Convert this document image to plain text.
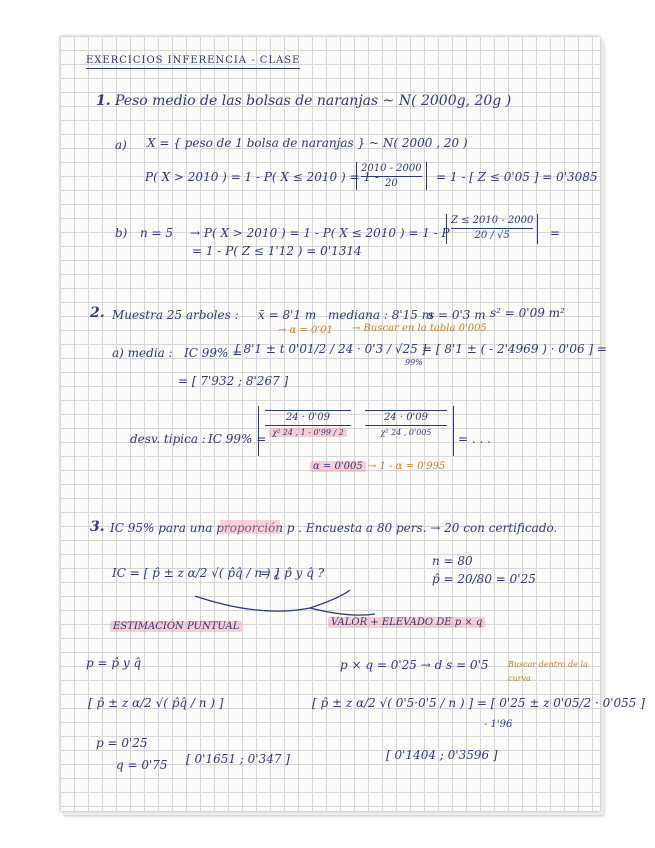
EXERCICIOS INFERENCIA - CLASE
1. Peso medio de las bolsas de naranjas ~ N( 2000g, 20g )
a) X = { peso de 1 bolsa de naranjas } ~ N( 2000 , 20 )
P( X > 2010 ) = 1 - P( X ≤ 2010 ) = 1 -
$\frac{2010 - 2000}{20} = 1$ - [ Z ≤ 0'05 ] = 0'3085
b) n = 5 → P( X > 2010 ) = 1 - P( X ≤ 2010 ) = 1 - P
$\frac{Z \le 2010 - 2000}{20 / √5}$ =
= 1 - P( Z ≤ 1'12 ) = 0'1314
2. Muestra 25 arboles : x̄ = 8'1 m mediana : 8'15 m
s = 0'3 m s² = 0'09 m²
→ α = 0'01 → Buscar en la tabla 0'005
a) media : IC 99% =
[ 8'1 ± t 0'01/2 / 24 · 0'3 / √25 ]
99%
= [ 8'1 ± ( - 2'4969 ) · 0'06 ] =
= [ 7'932 ; 8'267 ]
desv. tipica : IC 99% =
24 · 0'09
χ² 24 , 1 - 0'99 / 2
24 · 0'09
χ² 24 , 0'005	= . . .
α = 0'005 → 1 - α = 0'995
3. IC 95% para una proporción p . Encuesta a 80 pers. → 20 con certificado.
IC = [ p̂ ± z α/2 √( p̂q̂ / n ) ]
= ¿ p̂ y q̂ ?
n = 80
p̂ = 20/80 = 0'25
ESTIMACIÓN PUNTUAL	VALOR + ELEVADO DE p × q
p = p̂ y q̂	p × q = 0'25 → d s = 0'5 Buscar dentro de la curva
[ p̂ ± z α/2 √( p̂q̂ / n ) ]	[ p̂ ± z α/2 √( 0'5·0'5 / n ) ] = [ 0'25 ± z 0'05/2 · 0'055 ]
- 1'96
p = 0'25
q = 0'75 [ 0'1651 ; 0'347 ]	[ 0'1404 ; 0'3596 ]
